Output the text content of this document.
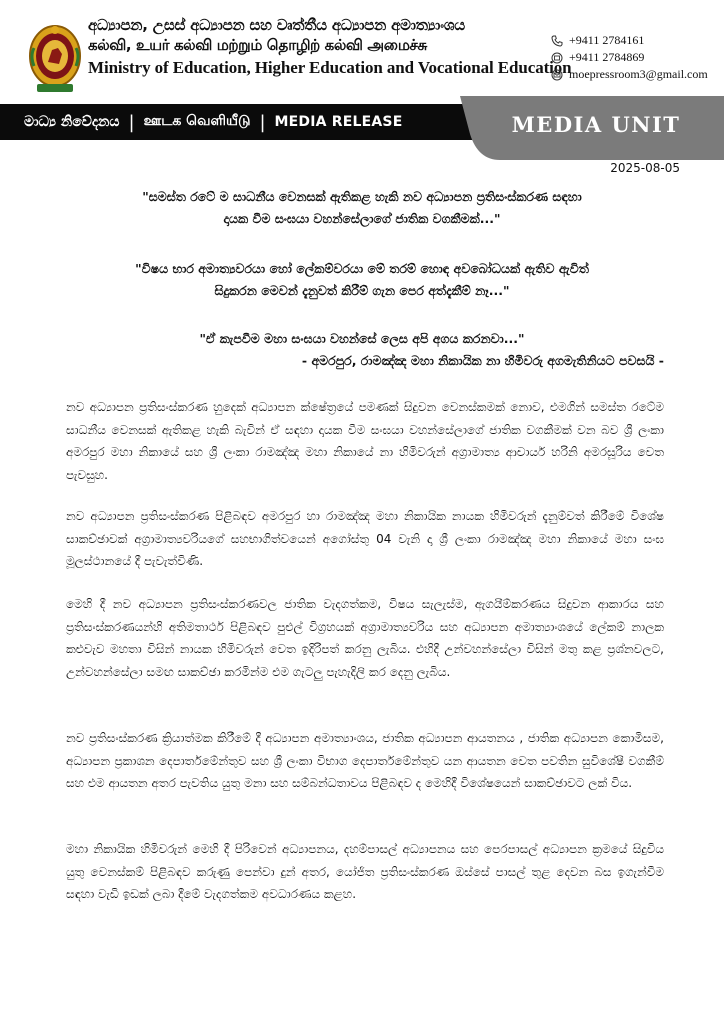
අධ්‍යාපන, උසස් අධ්‍යාපන සහ වෘත්තීය අධ්‍යාපන අමාත්‍යාංශය
கல்வி, உயர் கல்வி மற்றும் தொழிற் கல்வி அமைச்சு
Ministry of Education, Higher Education and Vocational Education
+9411 2784161
+9411 2784869
moepressroom3@gmail.com
මාධ්‍ය නිවේදනය | ஊடக வெளியீடு | MEDIA RELEASE	MEDIA UNIT
2025-08-05
"සමස්ත රටේ ම සාධනීය වෙනසක් ඇතිකළ හැකි නව අධ්‍යාපන ප්‍රතිසංස්කරණ සඳහා
දායක වීම සංඝයා වහන්සේලාගේ ජාතික වගකීමක්..."
"විෂය භාර අමාත්‍යවරයා හෝ ලේකම්වරයා මේ තරම් හොඳ අවබෝධයක් ඇතිව ඇවිත්
සිදුකරන මෙවන් දැනුවත් කිරීම් ගැන පෙර අත්දැකීම් නෑ..."
"ඒ කැපවීම මහා සංඝයා වහන්සේ ලෙස අපි අගය කරනවා..."
- අමරපුර, රාමඤ්ඤ මහා නිකායික නා හිමිවරු අගමැතිනියට පවසයි -
නව අධ්‍යාපන ප්‍රතිසංස්කරණ හුදෙක් අධ්‍යාපන ක්ෂේත්‍රයේ පමණක් සිදුවන වෙනස්කමක් නොව, එමගින් සමස්ත රටේම සාධනීය වෙනසක් ඇතිකළ හැකි බැවින් ඒ සඳහා දායක වීම සංඝයා වහන්සේලාගේ ජාතික වගකීමක් වන බව ශ්‍රී ලංකා අමරපුර මහා නිකායේ සහ ශ්‍රී ලංකා රාමඤ්ඤ මහා නිකායේ නා හිමිවරුන් අග්‍රාමාත්‍ය ආචාර්ය හරිනි අමරසූරිය වෙත පැවසුහ.
නව අධ්‍යාපන ප්‍රතිසංස්කරණ පිළිබඳව අමරපුර හා රාමඤ්ඤ මහා නිකායික නායක හිමිවරුන් දැනුම්වත් කිරීමේ විශේෂ සාකච්ඡාවක් අග්‍රාමාත්‍යවරියගේ සහභාගිත්වයෙන් අගෝස්තු 04 වැනි දා ශ්‍රී ලංකා රාමඤ්ඤ මහා නිකායේ මහා සංඝ මූලස්ථානයේ දී පැවැත්විණි.
මෙහි දී නව අධ්‍යාපන ප්‍රතිසංස්කරණවල ජාතික වැදගත්කම, විෂය සැලැස්ම, ඇගයීම්කරණය සිදුවන ආකාරය සහ ප්‍රතිසංස්කරණයන්හි අතිමතාර්ථ පිළිබඳව පුළුල් විග්‍රහයක් අග්‍රාමාත්‍යවරිය සහ අධ්‍යාපන අමාත්‍යාංශයේ ලේකම් නාලක කළුවැව මහතා විසින් නායක හිමිවරුන් වෙත ඉදිරිපත් කරනු ලැබිය. එහිදී උන්වහන්සේලා විසින් මතු කළ ප්‍රශ්නවලට, උන්වහන්සේලා සමඟ සාකච්ඡා කරමින්ම එම ගැටලු පැහැදිලි කර දෙනු ලැබිය.
නව ප්‍රතිසංස්කරණ ක්‍රියාත්මක කිරීමේ දී අධ්‍යාපන අමාත්‍යාංශය, ජාතික අධ්‍යාපන ආයතනය , ජාතික අධ්‍යාපන කොමිසම, අධ්‍යාපන ප්‍රකාශන දෙපාර්තමේන්තුව සහ ශ්‍රී ලංකා විභාග දෙපාර්තමේන්තුව යන ආයතන වෙත පවතින සුවිශේෂී වගකීම් සහ එම ආයතන අතර පැවතිය යුතු මනා සහ සම්බන්ධතාවය පිළිබඳව ද මෙහිදී විශේෂයෙන් සාකච්ඡාවට ලක් විය.
මහා නිකායික හිමිවරුන් මෙහි දී පිරිවෙන් අධ්‍යාපනය, දහම්පාසල් අධ්‍යාපනය සහ පෙරපාසල් අධ්‍යාපන ක්‍රමයේ සිදුවිය යුතු වෙනස්කම් පිළිබඳව කරුණු පෙන්වා දුන් අතර, යෝජිත ප්‍රතිසංස්කරණ ඔස්සේ පාසල් තුළ දෙවන බස ඉගැන්වීම සඳහා වැඩි ඉඩක් ලබා දීමේ වැදගත්කම අවධාරණය කළහ.
